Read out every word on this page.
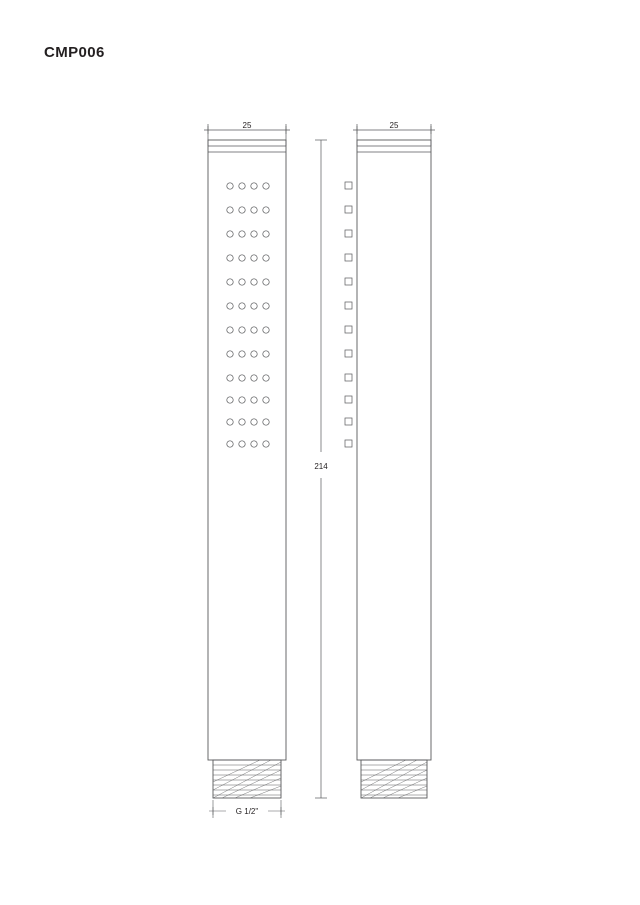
CMP006
25	25
214
G 1/2"
